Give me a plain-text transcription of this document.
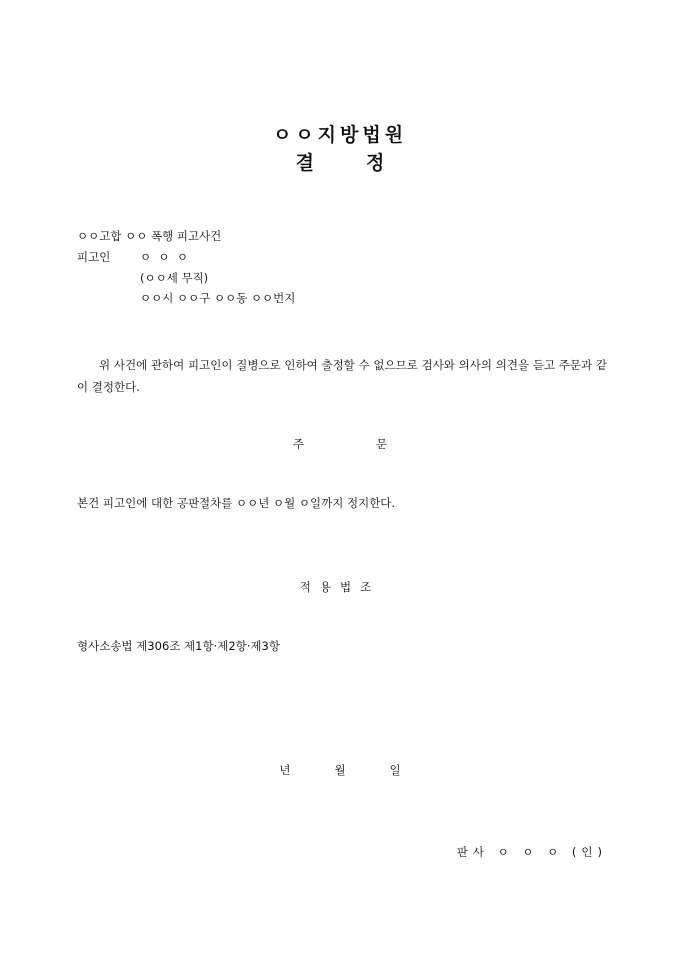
ㅇㅇ지방법원
결	정
ㅇㅇ고합 ㅇㅇ 폭행 피고사건
피고인	ㅇ  ㅇ  ㅇ
(ㅇㅇ세 무직)
ㅇㅇ시 ㅇㅇ구 ㅇㅇ동 ㅇㅇ번지
위 사건에 관하여 피고인이 질병으로 인하여 출정할 수 없으므로 검사와 의사의 의견을 듣고 주문과 같이 결정한다.
주	문
본건 피고인에 대한 공판절차를 ㅇㅇ년 ㅇ월 ㅇ일까지 정지한다.
적용법조
형사소송법 제306조 제1항·제2항·제3항
년	월	일
판사 ㅇ ㅇ ㅇ (인)
